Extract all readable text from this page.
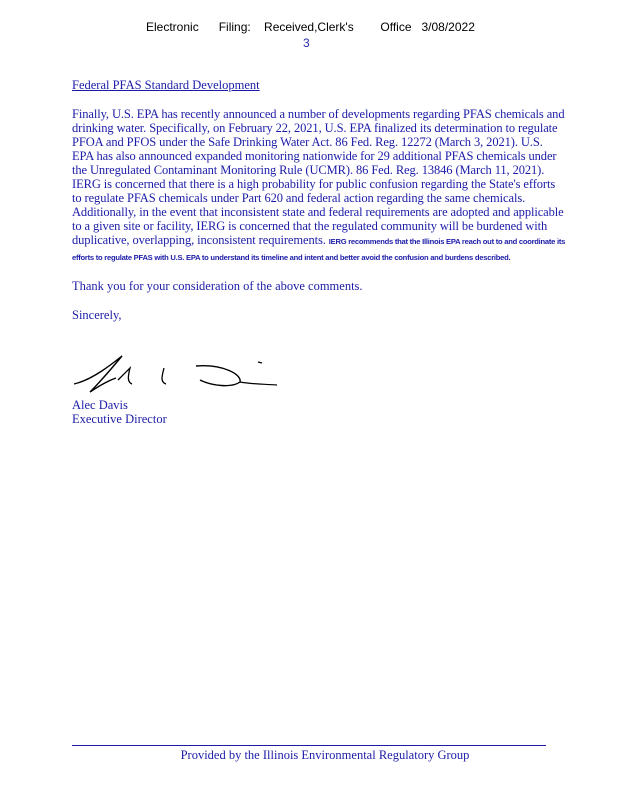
Electronic      Filing:    Received,Clerk's        Office   3/08/2022
3

Federal PFAS Standard Development

Finally, U.S. EPA has recently announced a number of developments regarding PFAS chemicals and drinking water. Specifically, on February 22, 2021, U.S. EPA finalized its determination to regulate PFOA and PFOS under the Safe Drinking Water Act. 86 Fed. Reg. 12272 (March 3, 2021). U.S. EPA has also announced expanded monitoring nationwide for 29 additional PFAS chemicals under the Unregulated Contaminant Monitoring Rule (UCMR). 86 Fed. Reg. 13846 (March 11, 2021). IERG is concerned that there is a high probability for public confusion regarding the State's efforts to regulate PFAS chemicals under Part 620 and federal action regarding the same chemicals. Additionally, in the event that inconsistent state and federal requirements are adopted and applicable to a given site or facility, IERG is concerned that the regulated community will be burdened with duplicative, overlapping, inconsistent requirements. IERG recommends that the Illinois EPA reach out to and coordinate its efforts to regulate PFAS with U.S. EPA to understand its timeline and intent and better avoid the confusion and burdens described.

Thank you for your consideration of the above comments.

Sincerely,

Alec Davis
Executive Director
Provided by the Illinois Environmental Regulatory Group
